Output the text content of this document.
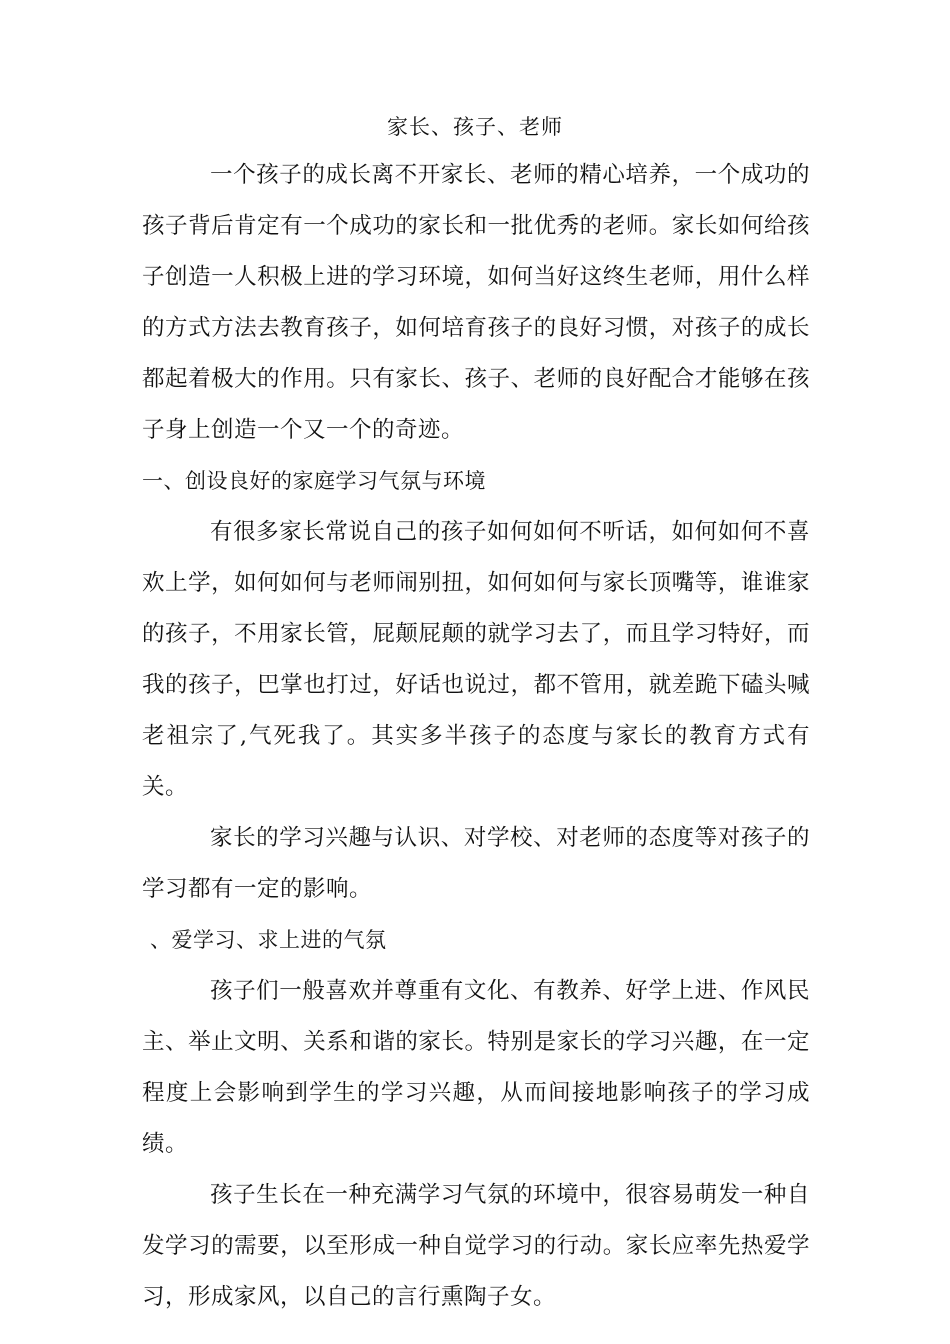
家长、孩子、老师

一个孩子的成长离不开家长、老师的精心培养，一个成功的孩子背后肯定有一个成功的家长和一批优秀的老师。家长如何给孩子创造一人积极上进的学习环境，如何当好这终生老师，用什么样的方式方法去教育孩子，如何培育孩子的良好习惯，对孩子的成长都起着极大的作用。只有家长、孩子、老师的良好配合才能够在孩子身上创造一个又一个的奇迹。

一、创设良好的家庭学习气氛与环境

有很多家长常说自己的孩子如何如何不听话，如何如何不喜欢上学，如何如何与老师闹别扭，如何如何与家长顶嘴等，谁谁家的孩子，不用家长管，屁颠屁颠的就学习去了，而且学习特好，而我的孩子，巴掌也打过，好话也说过，都不管用，就差跪下磕头喊老祖宗了,气死我了。其实多半孩子的态度与家长的教育方式有关。

家长的学习兴趣与认识、对学校、对老师的态度等对孩子的学习都有一定的影响。

、爱学习、求上进的气氛

孩子们一般喜欢并尊重有文化、有教养、好学上进、作风民主、举止文明、关系和谐的家长。特别是家长的学习兴趣，在一定程度上会影响到学生的学习兴趣，从而间接地影响孩子的学习成绩。

孩子生长在一种充满学习气氛的环境中，很容易萌发一种自发学习的需要，以至形成一种自觉学习的行动。家长应率先热爱学习，形成家风，以自己的言行熏陶子女。
